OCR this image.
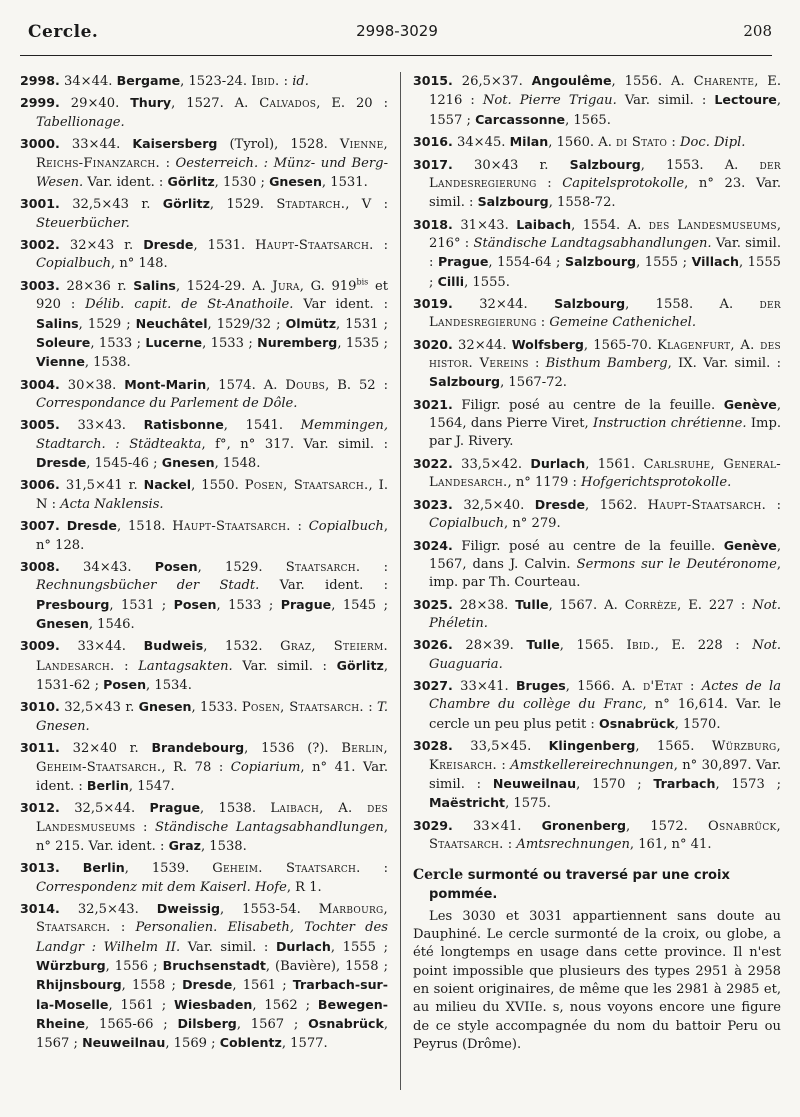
Cercle.	2998-3029	208

2998. 34×44. Bergame, 1523-24. Ibid. : id.

2999. 29×40. Thury, 1527. A. Calvados, E. 20 : Tabellionage.

3000. 33×44. Kaisersberg (Tyrol), 1528. Vienne, Reichs-Finanzarch. : Oesterreich. : Münz- und Berg-Wesen. Var. ident. : Görlitz, 1530 ; Gnesen, 1531.

3001. 32,5×43 r. Görlitz, 1529. Stadtarch., V : Steuerbücher.

3002. 32×43 r. Dresde, 1531. Haupt-Staatsarch. : Copialbuch, n° 148.

3003. 28×36 r. Salins, 1524-29. A. Jura, G. $919^{bis}$ et 920 : Délib. capit. de St-Anathoile. Var ident. : Salins, 1529 ; Neuchâtel, 1529/32 ; Olmütz, 1531 ; Soleure, 1533 ; Lucerne, 1533 ; Nuremberg, 1535 ; Vienne, 1538.

3004. 30×38. Mont-Marin, 1574. A. Doubs, B. 52 : Correspondance du Parlement de Dôle.

3005. 33×43. Ratisbonne, 1541. Memmingen, Stadtarch. : Städteakta, f°, n° 317. Var. simil. : Dresde, 1545-46 ; Gnesen, 1548.

3006. 31,5×41 r. Nackel, 1550. Posen, Staatsarch., I. N : Acta Naklensis.

3007. Dresde, 1518. Haupt-Staatsarch. : Copialbuch, n° 128.

3008. 34×43. Posen, 1529. Staatsarch. : Rechnungsbücher der Stadt. Var. ident. : Presbourg, 1531 ; Posen, 1533 ; Prague, 1545 ; Gnesen, 1546.

3009. 33×44. Budweis, 1532. Graz, Steierm. Landesarch. : Lantagsakten. Var. simil. : Görlitz, 1531-62 ; Posen, 1534.

3010. 32,5×43 r. Gnesen, 1533. Posen, Staatsarch. : T. Gnesen.

3011. 32×40 r. Brandebourg, 1536 (?). Berlin, Geheim-Staatsarch., R. 78 : Copiarium, n° 41. Var. ident. : Berlin, 1547.

3012. 32,5×44. Prague, 1538. Laibach, A. des Landesmuseums : Ständische Lantagsabhandlungen, n° 215. Var. ident. : Graz, 1538.

3013. Berlin, 1539. Geheim. Staatsarch. : Correspondenz mit dem Kaiserl. Hofe, R 1.

3014. 32,5×43. Dweissig, 1553-54. Marbourg, Staatsarch. : Personalien. Elisabeth, Tochter des Landgr : Wilhelm II. Var. simil. : Durlach, 1555 ; Würzburg, 1556 ; Bruchsenstadt, (Bavière), 1558 ; Rhijnsbourg, 1558 ; Dresde, 1561 ; Trarbach-sur-la-Moselle, 1561 ; Wiesbaden, 1562 ; Bewegen-Rheine, 1565-66 ; Dilsberg, 1567 ; Osnabrück, 1567 ; Neuweilnau, 1569 ; Coblentz, 1577.

3015. 26,5×37. Angoulême, 1556. A. Charente, E. 1216 : Not. Pierre Trigau. Var. simil. : Lectoure, 1557 ; Carcassonne, 1565.

3016. 34×45. Milan, 1560. A. di Stato : Doc. Dipl.

3017. 30×43 r. Salzbourg, 1553. A. der Landesregierung : Capitelsprotokolle, n° 23. Var. simil. : Salzbourg, 1558-72.

3018. 31×43. Laibach, 1554. A. des Landesmuseums, 216° : Ständische Landtagsabhandlungen. Var. simil. : Prague, 1554-64 ; Salzbourg, 1555 ; Villach, 1555 ; Cilli, 1555.

3019. 32×44. Salzbourg, 1558. A. der Landesregierung : Gemeine Cathenichel.

3020. 32×44. Wolfsberg, 1565-70. Klagenfurt, A. des histor. Vereins : Bisthum Bamberg, IX. Var. simil. : Salzbourg, 1567-72.

3021. Filigr. posé au centre de la feuille. Genève, 1564, dans Pierre Viret, Instruction chrétienne. Imp. par J. Rivery.

3022. 33,5×42. Durlach, 1561. Carlsruhe, General-Landesarch., n° 1179 : Hofgerichtsprotokolle.

3023. 32,5×40. Dresde, 1562. Haupt-Staatsarch. : Copialbuch, n° 279.

3024. Filigr. posé au centre de la feuille. Genève, 1567, dans J. Calvin. Sermons sur le Deutéronome, imp. par Th. Courteau.

3025. 28×38. Tulle, 1567. A. Corrèze, E. 227 : Not. Phéletin.

3026. 28×39. Tulle, 1565. Ibid., E. 228 : Not. Guaguaria.

3027. 33×41. Bruges, 1566. A. d'Etat : Actes de la Chambre du collège du Franc, n° 16,614. Var. le cercle un peu plus petit : Osnabrück, 1570.

3028. 33,5×45. Klingenberg, 1565. Würzburg, Kreisarch. : Amstkellereirechnungen, n° 30,897. Var. simil. : Neuweilnau, 1570 ; Trarbach, 1573 ; Maëstricht, 1575.

3029. 33×41. Gronenberg, 1572. Osnabrück, Staatsarch. : Amtsrechnungen, 161, n° 41.

Cercle surmonté ou traversé par une croix pommée.

Les 3030 et 3031 appartiennent sans doute au Dauphiné. Le cercle surmonté de la croix, ou globe, a été longtemps en usage dans cette province. Il n'est point impossible que plusieurs des types 2951 à 2958 en soient originaires, de même que les 2981 à 2985 et, au milieu du XVIIe. s, nous voyons encore une figure de ce style accompagnée du nom du battoir Peru ou Peyrus (Drôme).
